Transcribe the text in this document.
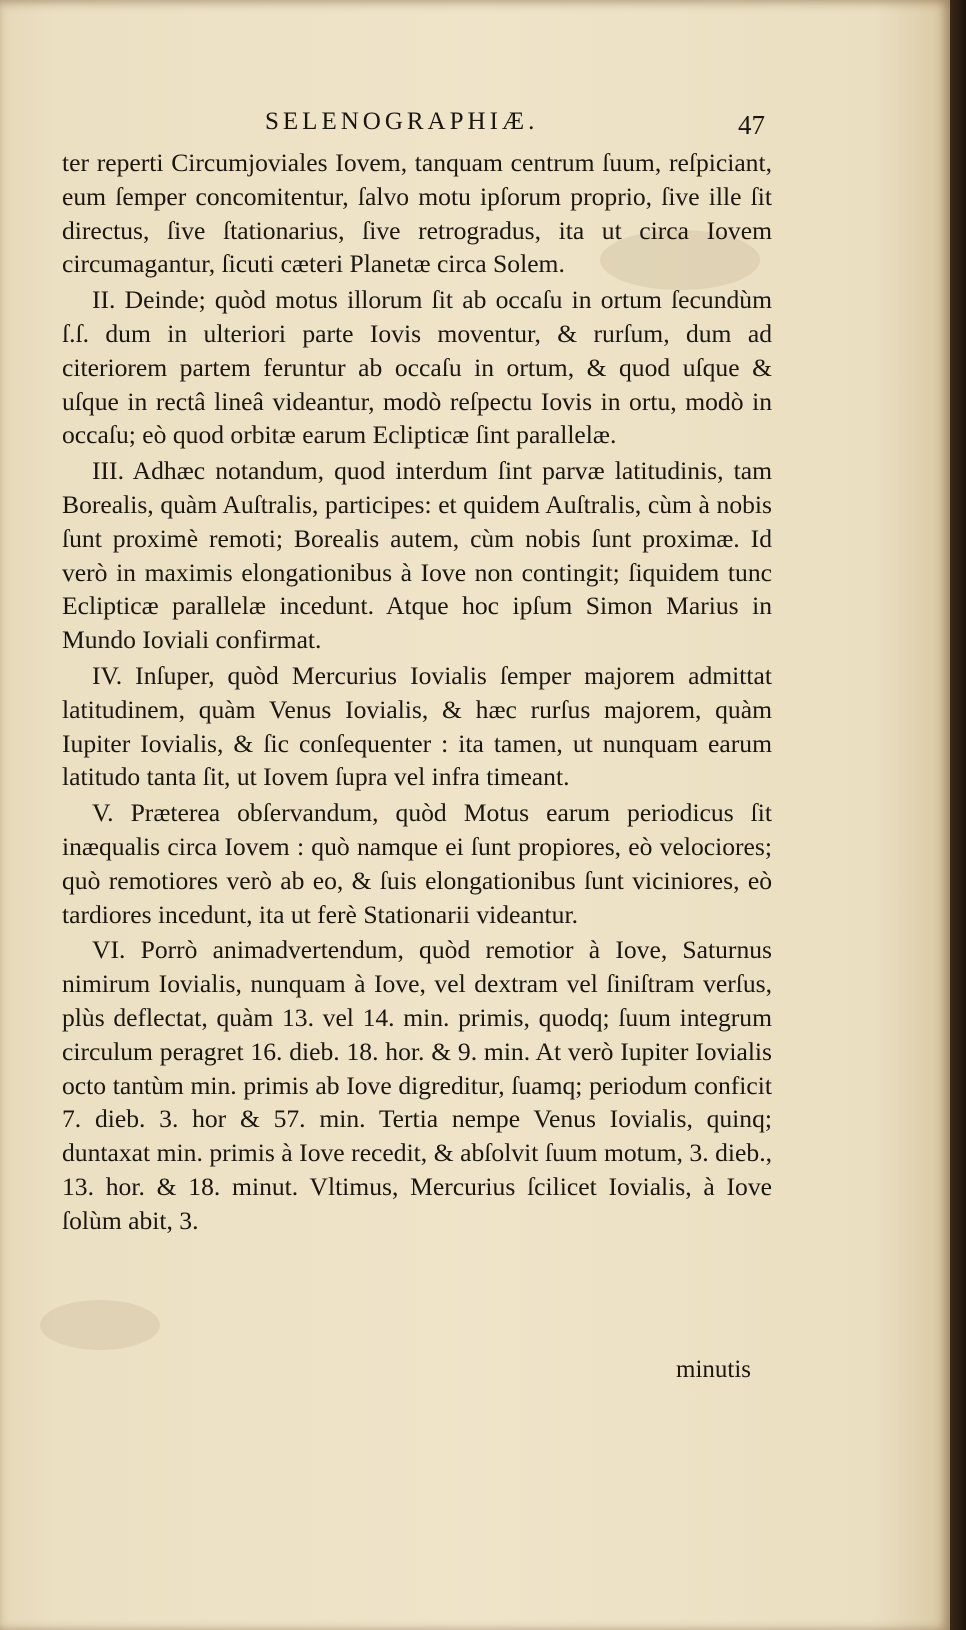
SELENOGRAPHIÆ.	47

ter reperti Circumjoviales Iovem, tanquam centrum ſuum, reſpiciant, eum ſemper concomitentur, ſalvo motu ipſorum proprio, ſive ille ſit directus, ſive ſtationarius, ſive retrogradus, ita ut circa Iovem circumagantur, ſicuti cæteri Planetæ circa Solem.

II. Deinde; quòd motus illorum ſit ab occaſu in ortum ſecundùm ſ.ſ. dum in ulteriori parte Iovis moventur, & rurſum, dum ad citeriorem partem feruntur ab occaſu in ortum, & quod uſque & uſque in rectâ lineâ videantur, modò reſpectu Iovis in ortu, modò in occaſu; eò quod orbitæ earum Eclipticæ ſint parallelæ.

III. Adhæc notandum, quod interdum ſint parvæ latitudinis, tam Borealis, quàm Auſtralis, participes: et quidem Auſtralis, cùm à nobis ſunt proximè remoti; Borealis autem, cùm nobis ſunt proximæ. Id verò in maximis elongationibus à Iove non contingit; ſiquidem tunc Eclipticæ parallelæ incedunt. Atque hoc ipſum Simon Marius in Mundo Ioviali confirmat.

IV. Inſuper, quòd Mercurius Iovialis ſemper majorem admittat latitudinem, quàm Venus Iovialis, & hæc rurſus majorem, quàm Iupiter Iovialis, & ſic conſequenter : ita tamen, ut nunquam earum latitudo tanta ſit, ut Iovem ſupra vel infra timeant.

V. Præterea obſervandum, quòd Motus earum periodicus ſit inæqualis circa Iovem : quò namque ei ſunt propiores, eò velociores; quò remotiores verò ab eo, & ſuis elongationibus ſunt viciniores, eò tardiores incedunt, ita ut ferè Stationarii videantur.

VI. Porrò animadvertendum, quòd remotior à Iove, Saturnus nimirum Iovialis, nunquam à Iove, vel dextram vel ſiniſtram verſus, plùs deflectat, quàm 13. vel 14. min. primis, quodq; ſuum integrum circulum peragret 16. dieb. 18. hor. & 9. min. At verò Iupiter Iovialis octo tantùm min. primis ab Iove digreditur, ſuamq; periodum conficit 7. dieb. 3. hor & 57. min. Tertia nempe Venus Iovialis, quinq; duntaxat min. primis à Iove recedit, & abſolvit ſuum motum, 3. dieb., 13. hor. & 18. minut. Vltimus, Mercurius ſcilicet Iovialis, à Iove ſolùm abit, 3.

minutis
